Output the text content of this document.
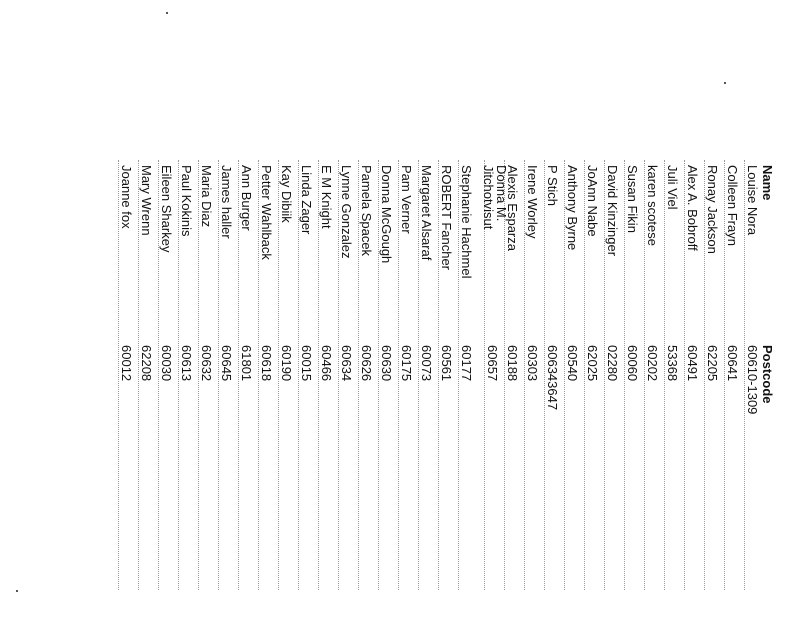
Name
Postcode
Louise Nora
60610-1309
Colleen Frayn
60641
Ronay Jackson
62205
Alex A. Bobroff
60491
Juli Viel
53368
karen scotese
60202
Susan Fikin
60060
David Kinzinger
02280
JoAnn Nabe
62025
Anthony Byrne
60540
P Stich
606343647
Irene Worley
60303
Alexis Esparza
60188
Donna M.
Jitchotvisut
60657
Stephanie Hachmel
60177
ROBERT Fancher
60561
Margaret Alsaraf
60073
Pam Verner
60175
Donna McGough
60630
Pamela Spacek
60626
Lynne Gonzalez
60634
E M Knight
60466
Linda Zager
60015
Kay Dibiik
60190
Petter Wahlback
60618
Ann Burger
61801
James haller
60645
Maria Diaz
60632
Paul Kokinis
60613
Eileen Sharkey
60030
Mary Wrenn
62208
Joanne fox
60012
